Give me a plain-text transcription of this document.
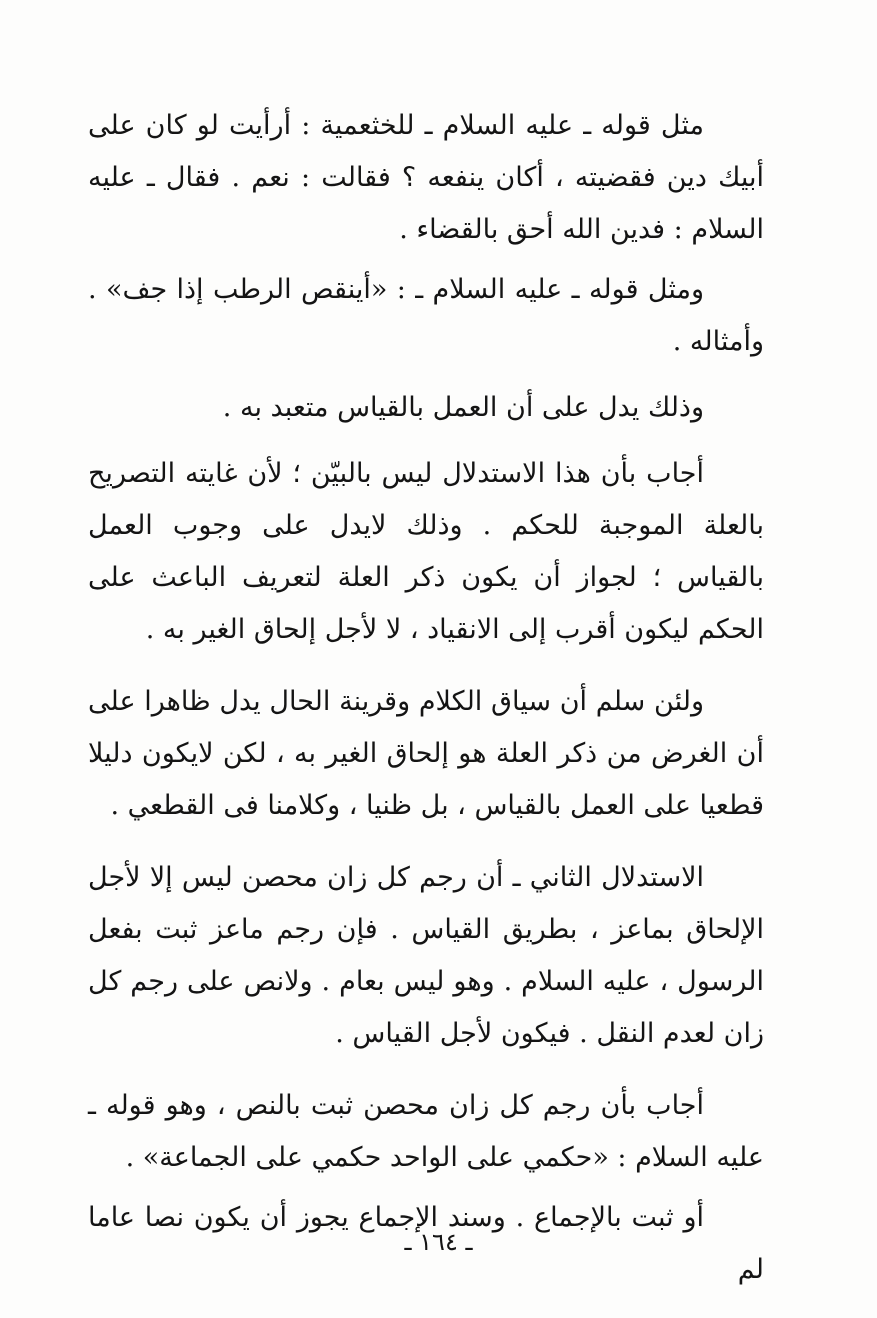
مثل قوله ـ عليه السلام ـ للخثعمية : أرأيت لو كان على أبيك دين فقضيته ، أكان ينفعه ؟ فقالت : نعم . فقال ـ عليه السلام : فدين الله أحق بالقضاء .

ومثل قوله ـ عليه السلام ـ : «أينقص الرطب إذا جف» . وأمثاله .

وذلك يدل على أن العمل بالقياس متعبد به .

أجاب بأن هذا الاستدلال ليس بالبيّن ؛ لأن غايته التصريح بالعلة الموجبة للحكم . وذلك لايدل على وجوب العمل بالقياس ؛ لجواز أن يكون ذكر العلة لتعريف الباعث على الحكم ليكون أقرب إلى الانقياد ، لا لأجل إلحاق الغير به .

ولئن سلم أن سياق الكلام وقرينة الحال يدل ظاهرا على أن الغرض من ذكر العلة هو إلحاق الغير به ، لكن لايكون دليلا قطعيا على العمل بالقياس ، بل ظنيا ، وكلامنا فى القطعي .

الاستدلال الثاني ـ أن رجم كل زان محصن ليس إلا لأجل الإلحاق بماعز ، بطريق القياس . فإن رجم ماعز ثبت بفعل الرسول ، عليه السلام . وهو ليس بعام . ولانص على رجم كل زان لعدم النقل . فيكون لأجل القياس .

أجاب بأن رجم كل زان محصن ثبت بالنص ، وهو قوله ـ عليه السلام : «حكمي على الواحد حكمي على الجماعة» .

أو ثبت بالإجماع . وسند الإجماع يجوز أن يكون نصا عاما لم

ـ ١٦٤ ـ
